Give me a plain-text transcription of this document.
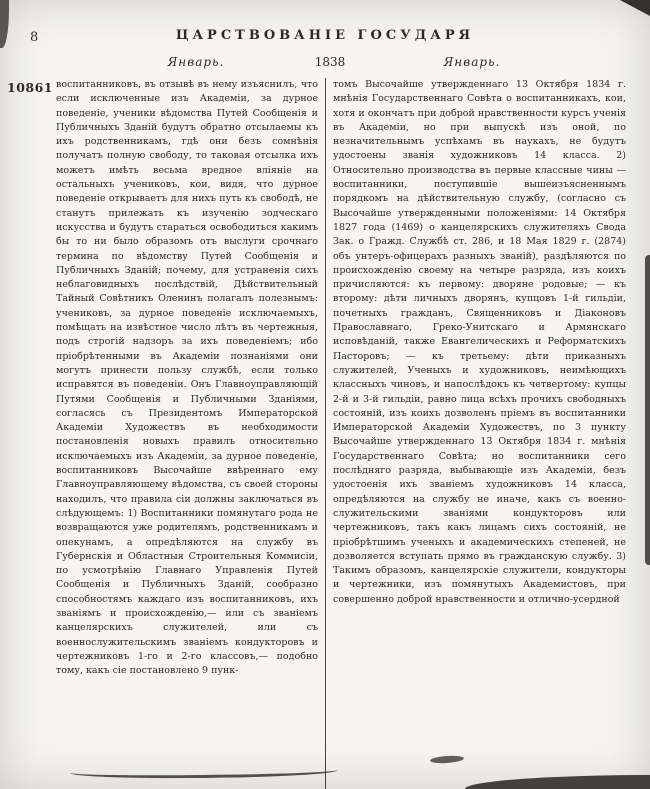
8	ЦАРСТВОВАНІЕ ГОСУДАРЯ
Январь.	1838	Январь.
10861 воспитанниковъ, въ отзывѣ въ нему изъяснилъ, что если исключенные изъ Академіи, за дурное поведеніе, ученики вѣдомства Путей Сообщенія и Публичныхъ Зданій будутъ обратно отсылаемы къ ихъ родственникамъ, гдѣ они безъ сомнѣнія получатъ полную свободу, то таковая отсылка ихъ можетъ имѣть весьма вредное вліяніе на остальныхъ учениковъ, кои, видя, что дурное поведеніе открываетъ для нихъ путь къ свободѣ, не станутъ прилежать къ изученію зодческаго искусства и будутъ стараться освободиться какимъ бы то ни было образомъ отъ выслуги срочнаго термина по вѣдомству Путей Сообщенія и Публичныхъ Зданій; почему, для устраненія сихъ неблаговидныхъ послѣдствій, Дѣйствительный Тайный Совѣтникъ Оленинъ полагалъ полезнымъ: учениковъ, за дурное поведеніе исключаемыхъ, помѣщать на извѣстное число лѣтъ въ чертежныя, подъ строгій надзоръ за ихъ поведеніемъ; ибо пріобрѣтенными въ Академіи познаніями они могутъ принести пользу службѣ, если только исправятся въ поведеніи. Онъ Главноуправляющій Путями Сообщенія и Публичными Зданіями, согласясь съ Президентомъ Императорской Академіи Художествъ въ необходимости постановленія новыхъ правилъ относительно исключаемыхъ изъ Академіи, за дурное поведеніе, воспитанниковъ Высочайше ввѣреннаго ему Главноуправляющему вѣдомства, съ своей стороны находилъ, что правила сіи должны заключаться въ слѣдующемъ: 1) Воспитанники помянутаго рода не возвращаются уже родителямъ, родственникамъ и опекунамъ, а опредѣляются на службу въ Губернскія и Областныя Строительныя Коммисіи, по усмотрѣнію Главнаго Управленія Путей Сообщенія и Публичныхъ Зданій, сообразно способностямъ каждаго изъ воспитанниковъ, ихъ званіямъ и происхожденію,— или съ званіемъ канцелярскихъ служителей, или съ военнослужительскимъ званіемъ кондукторовъ и чертежниковъ 1-го и 2-го классовъ,— подобно тому, какъ сіе постановлено 9 пунк-
томъ Высочайше утвержденнаго 13 Октября 1834 г. мнѣнія Государственнаго Совѣта о воспитанникахъ, кои, хотя и окончатъ при доброй нравственности курсъ ученія въ Академіи, но при выпускѣ изъ оной, по незначительнымъ успѣхамъ въ наукахъ, не будутъ удостоены званія художниковъ 14 класса. 2) Относительно производства въ первые классные чины — воспитанники, поступившіе вышеизъясненнымъ порядкомъ на дѣйствительную службу, (согласно съ Высочайше утвержденными положеніями: 14 Октября 1827 года (1469) о канцелярскихъ служителяхъ Свода Зак. о Гражд. Службѣ ст. 286, и 18 Мая 1829 г. (2874) объ унтеръ-офицерахъ разныхъ званій), раздѣляются по происхожденію своему на четыре разряда, изъ коихъ причисляются: къ первому: дворяне родовые; — къ второму: дѣти личныхъ дворянъ, купцовъ 1-й гильдіи, почетныхъ гражданъ, Священниковъ и Діаконовъ Православнаго, Греко-Унитскаго и Армянскаго исповѣданій, также Евангелическихъ и Реформатскихъ Пасторовъ; — къ третьему: дѣти приказныхъ служителей, Ученыхъ и художниковъ, неимѣющихъ классныхъ чиновъ, и напослѣдокъ къ четвертому: купцы 2-й и 3-й гильдіи, равно лица всѣхъ прочихъ свободныхъ состояній, изъ коихъ дозволенъ пріемъ въ воспитанники Императорской Академіи Художествъ, по 3 пункту Высочайше утвержденнаго 13 Октября 1834 г. мнѣнія Государственнаго Совѣта; но воспитанники сего послѣдняго разряда, выбывающіе изъ Академіи, безъ удостоенія ихъ званіемъ художниковъ 14 класса, опредѣляются на службу не иначе, какъ съ военно-служительскими званіями кондукторовъ или чертежниковъ, такъ какъ лицамъ сихъ состояній, не пріобрѣтшимъ ученыхъ и академическихъ степеней, не дозволяется вступать прямо въ гражданскую службу. 3) Такимъ образомъ, канцелярскіе служители, кондукторы и чертежники, изъ помянутыхъ Академистовъ, при совершенно доброй нравственности и отлично-усердной
